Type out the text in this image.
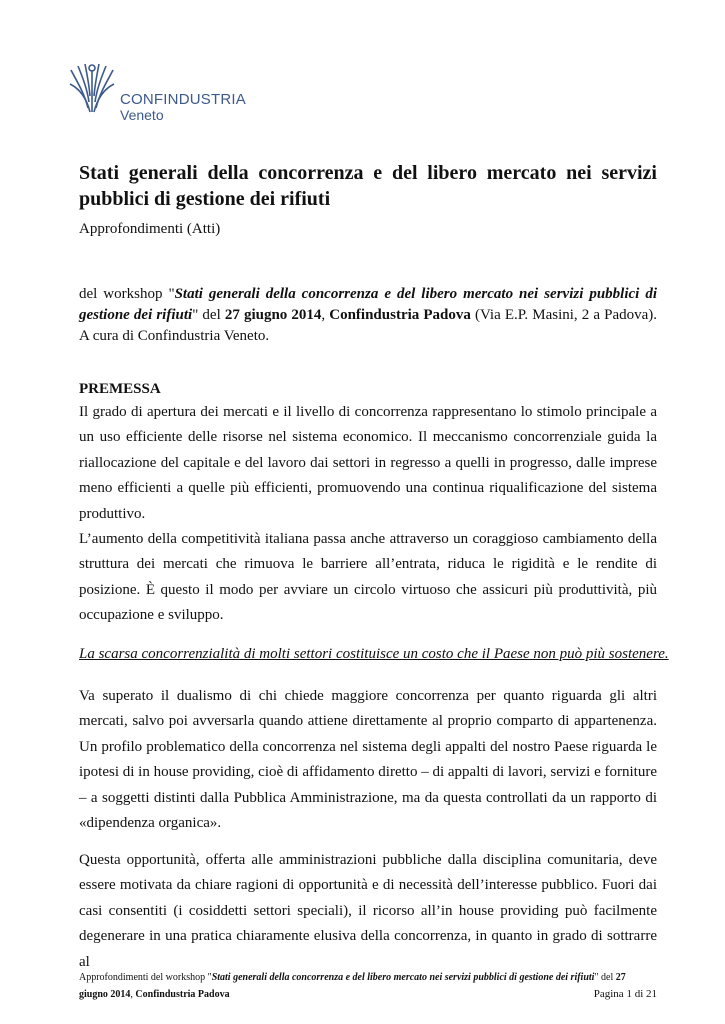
CONFINDUSTRIA
Veneto
Stati generali della concorrenza e del libero mercato nei servizi pubblici di gestione dei rifiuti
Approfondimenti (Atti)
del workshop "Stati generali della concorrenza e del libero mercato nei servizi pubblici di gestione dei rifiuti" del 27 giugno 2014, Confindustria Padova (Via E.P. Masini, 2 a Padova). A cura di Confindustria Veneto.
PREMESSA
Il grado di apertura dei mercati e il livello di concorrenza rappresentano lo stimolo principale a un uso efficiente delle risorse nel sistema economico. Il meccanismo concorrenziale guida la riallocazione del capitale e del lavoro dai settori in regresso a quelli in progresso, dalle imprese meno efficienti a quelle più efficienti, promuovendo una continua riqualificazione del sistema produttivo.
L’aumento della competitività italiana passa anche attraverso un coraggioso cambiamento della struttura dei mercati che rimuova le barriere all’entrata, riduca le rigidità e le rendite di posizione. È questo il modo per avviare un circolo virtuoso che assicuri più produttività, più occupazione e sviluppo.
La scarsa concorrenzialità di molti settori costituisce un costo che il Paese non può più sostenere.
Va superato il dualismo di chi chiede maggiore concorrenza per quanto riguarda gli altri mercati, salvo poi avversarla quando attiene direttamente al proprio comparto di appartenenza. Un profilo problematico della concorrenza nel sistema degli appalti del nostro Paese riguarda le ipotesi di in house providing, cioè di affidamento diretto – di appalti di lavori, servizi e forniture – a soggetti distinti dalla Pubblica Amministrazione, ma da questa controllati da un rapporto di «dipendenza organica».
Questa opportunità, offerta alle amministrazioni pubbliche dalla disciplina comunitaria, deve essere motivata da chiare ragioni di opportunità e di necessità dell’interesse pubblico. Fuori dai casi consentiti (i cosiddetti settori speciali), il ricorso all’in house providing può facilmente degenerare in una pratica chiaramente elusiva della concorrenza, in quanto in grado di sottrarre al
Approfondimenti del workshop "Stati generali della concorrenza e del libero mercato nei servizi pubblici di gestione dei rifiuti" del 27 giugno 2014, Confindustria Padova	Pagina 1 di 21
